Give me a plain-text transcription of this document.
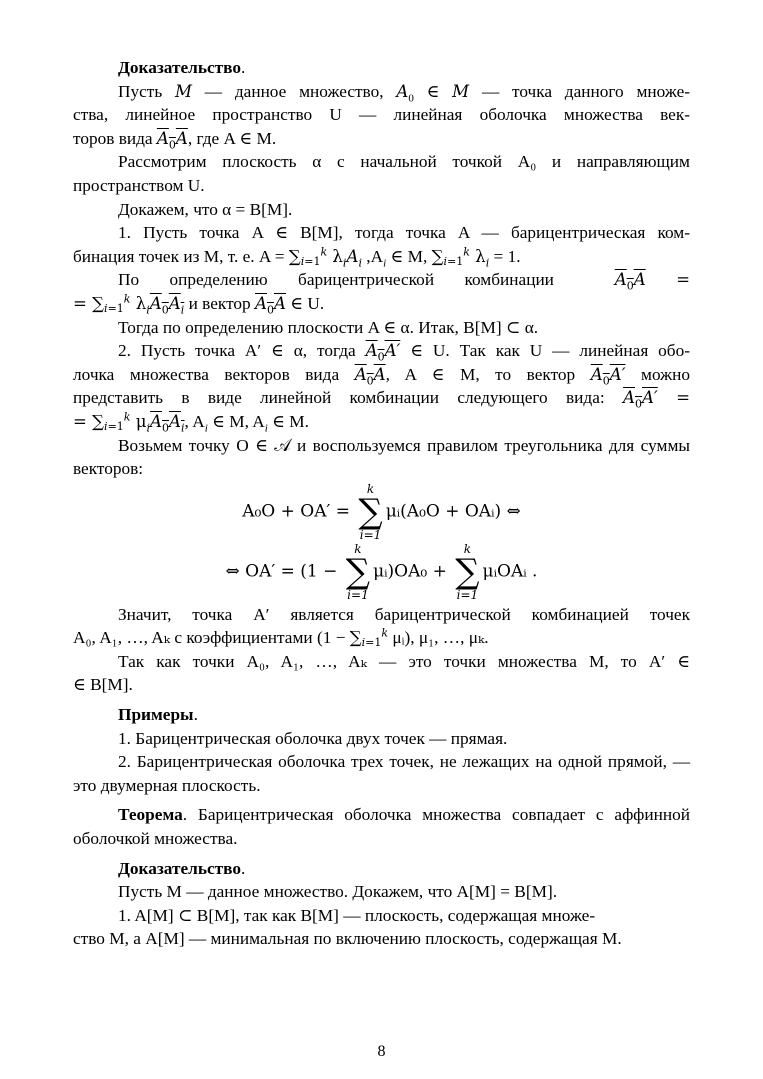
Доказательство.

Пусть M — данное множество, $A_0$ ∈ M — точка данного множе-

ства, линейное пространство U — линейная оболочка множества век-

торов вида $A_0A$, где A ∈ M.

Рассмотрим плоскость α с начальной точкой A₀ и направляющим пространством U.

Докажем, что α = B[M].

1. Пусть точка A ∈ B[M], тогда точка A — барицентрическая ком-

бинация точек из M, т. е. $A = \sum_{i=1}^k$ $\lambda_iA_i$ $,A_i$ ∈ M, $\sum_{i=1}^k$ $\lambda_i = 1$.

По определению барицентрической комбинации	$A_0A$ =

= $\sum_{i=1}^k$ $\lambda_iA_0A_i$ и вектор $A_0A$ ∈ U.

Тогда по определению плоскости A ∈ α. Итак, B[M] ⊂ α.

2. Пусть точка A′ ∈ α, тогда $A_0A'$ ∈ U. Так как U — линейная обо-

лочка множества векторов вида $A_0A$, A ∈ M, то вектор $A_0A'$ можно

представить в виде линейной комбинации следующего вида: $A_0A'$ =

= $\sum_{i=1}^k$ $\mu_iA_0A_i$, $A_i$ ∈ M, $A_i$ ∈ M.

Возьмем точку O ∈ 𝒜 и воспользуемся правилом треугольника для суммы векторов:

A₀O + OA′ =
k
∑
i=1
μᵢ(A₀O + OAᵢ) ⇔
⇔ OA′ = (1 −
k
∑
i=1
μᵢ)OA₀ +
k
∑
i=1
μᵢOAᵢ .

Значит, точка A′ является барицентрической комбинацией точек

A₀, A₁, …, Aₖ с коэффициентами ($1 - \sum_{i=1}^k$ μᵢ), μ₁, …, μₖ.

Так как точки A₀, A₁, …, Aₖ — это точки множества M, то A′ ∈

∈ B[M].

Примеры.

1. Барицентрическая оболочка двух точек — прямая.

2. Барицентрическая оболочка трех точек, не лежащих на одной прямой, — это двумерная плоскость.

Теорема. Барицентрическая оболочка множества совпадает с аффинной оболочкой множества.

Доказательство.

Пусть M — данное множество. Докажем, что A[M] = B[M].

1. A[M] ⊂ B[M], так как B[M] — плоскость, содержащая множе-

ство M, а A[M] — минимальная по включению плоскость, содержащая M.

8
